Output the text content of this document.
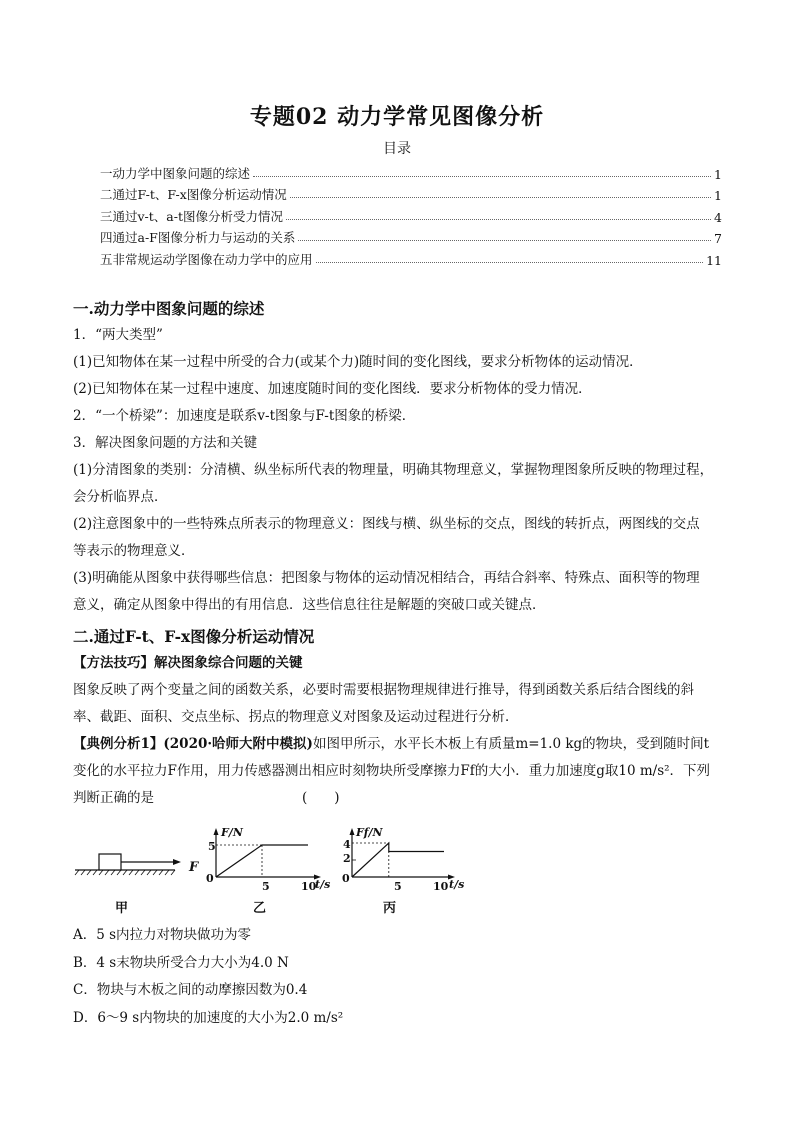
专题02 动力学常见图像分析
目录
一动力学中图象问题的综述	1
二通过F-t、F-x图像分析运动情况	1
三通过v-t、a-t图像分析受力情况	4
四通过a-F图像分析力与运动的关系	7
五非常规运动学图像在动力学中的应用	11

一.动力学中图象问题的综述

1．“两大类型”

(1)已知物体在某一过程中所受的合力(或某个力)随时间的变化图线，要求分析物体的运动情况．

(2)已知物体在某一过程中速度、加速度随时间的变化图线．要求分析物体的受力情况．

2．“一个桥梁”：加速度是联系v-t图象与F-t图象的桥梁．

3．解决图象问题的方法和关键

(1)分清图象的类别：分清横、纵坐标所代表的物理量，明确其物理意义，掌握物理图象所反映的物理过程，

会分析临界点．

(2)注意图象中的一些特殊点所表示的物理意义：图线与横、纵坐标的交点，图线的转折点，两图线的交点

等表示的物理意义．

(3)明确能从图象中获得哪些信息：把图象与物体的运动情况相结合，再结合斜率、特殊点、面积等的物理

意义，确定从图象中得出的有用信息．这些信息往往是解题的突破口或关键点．

二.通过F-t、F-x图像分析运动情况

【方法技巧】解决图象综合问题的关键

图象反映了两个变量之间的函数关系，必要时需要根据物理规律进行推导，得到函数关系后结合图线的斜

率、截距、面积、交点坐标、拐点的物理意义对图象及运动过程进行分析．

【典例分析1】(2020·哈师大附中模拟)如图甲所示，水平长木板上有质量m=1.0 kg的物块，受到随时间t

变化的水平拉力F作用，用力传感器测出相应时刻物块所受摩擦力Ff的大小．重力加速度g取10 m/s²．下列

判断正确的是	(　　)

F
甲
F/N
5
0
5	10
t/s
乙
Ff/N
4
2
0
5	10 t/s
丙

A．5 s内拉力对物块做功为零

B．4 s末物块所受合力大小为4.0 N

C．物块与木板之间的动摩擦因数为0.4

D．6～9 s内物块的加速度的大小为2.0 m/s²
